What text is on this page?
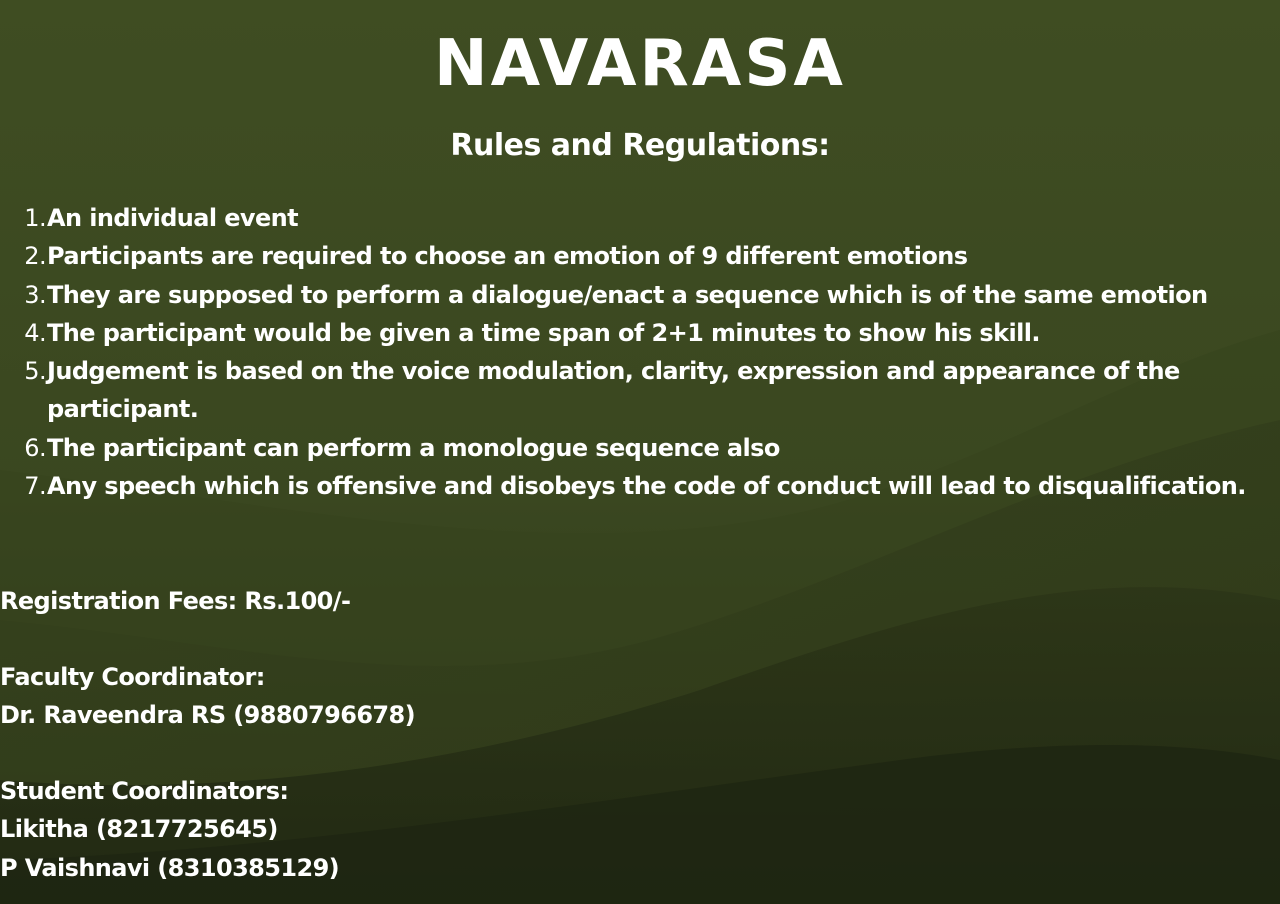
NAVARASA
Rules and Regulations:
1. An individual event
2. Participants are required to choose an emotion of 9 different emotions
3. They are supposed to perform a dialogue/enact a sequence which is of the same emotion
4. The participant would be given a time span of 2+1 minutes to show his skill.
5. Judgement is based on the voice modulation, clarity, expression and appearance of the participant.
6. The participant can perform a monologue sequence also
7. Any speech which is offensive and disobeys the code of conduct will lead to disqualification.

Registration Fees: Rs.100/-

Faculty Coordinator:
Dr. Raveendra RS (9880796678)

Student Coordinators:
Likitha (8217725645)
P Vaishnavi (8310385129)
